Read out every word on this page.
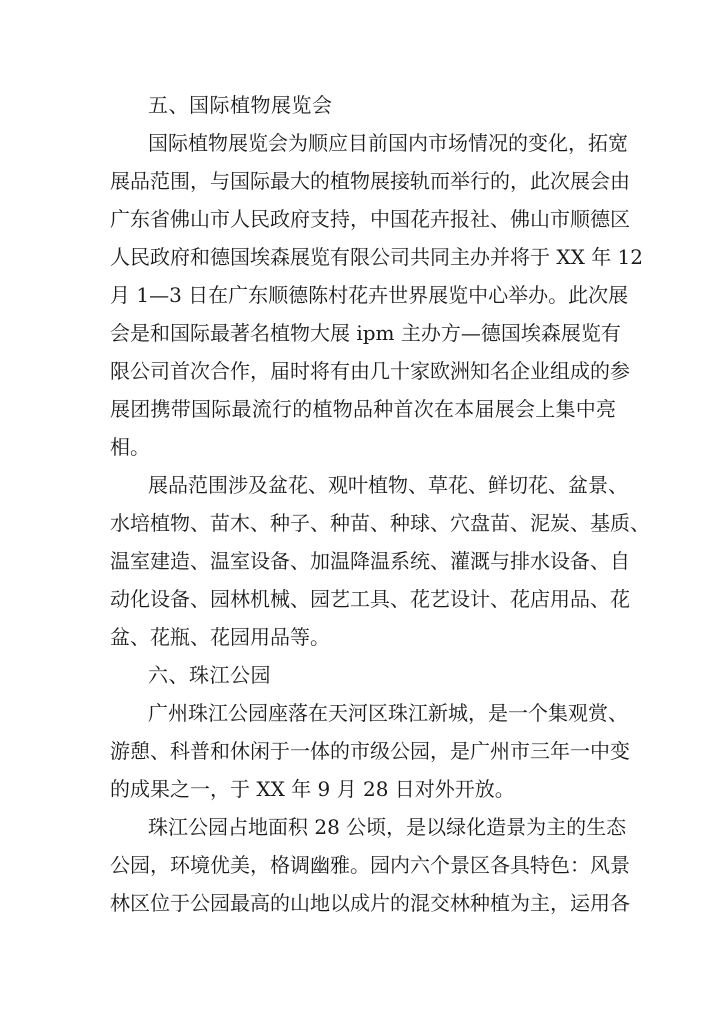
五、国际植物展览会

国际植物展览会为顺应目前国内市场情况的变化，拓宽

展品范围，与国际最大的植物展接轨而举行的，此次展会由

广东省佛山市人民政府支持，中国花卉报社、佛山市顺德区

人民政府和德国埃森展览有限公司共同主办并将于 XX 年 12

月 1—3 日在广东顺德陈村花卉世界展览中心举办。此次展

会是和国际最著名植物大展 ipm 主办方—德国埃森展览有

限公司首次合作，届时将有由几十家欧洲知名企业组成的参

展团携带国际最流行的植物品种首次在本届展会上集中亮

相。

展品范围涉及盆花、观叶植物、草花、鲜切花、盆景、

水培植物、苗木、种子、种苗、种球、穴盘苗、泥炭、基质、

温室建造、温室设备、加温降温系统、灌溉与排水设备、自

动化设备、园林机械、园艺工具、花艺设计、花店用品、花

盆、花瓶、花园用品等。

六、珠江公园

广州珠江公园座落在天河区珠江新城，是一个集观赏、

游憩、科普和休闲于一体的市级公园，是广州市三年一中变

的成果之一，于 XX 年 9 月 28 日对外开放。

珠江公园占地面积 28 公顷，是以绿化造景为主的生态

公园，环境优美，格调幽雅。园内六个景区各具特色：风景

林区位于公园最高的山地以成片的混交林种植为主，运用各
